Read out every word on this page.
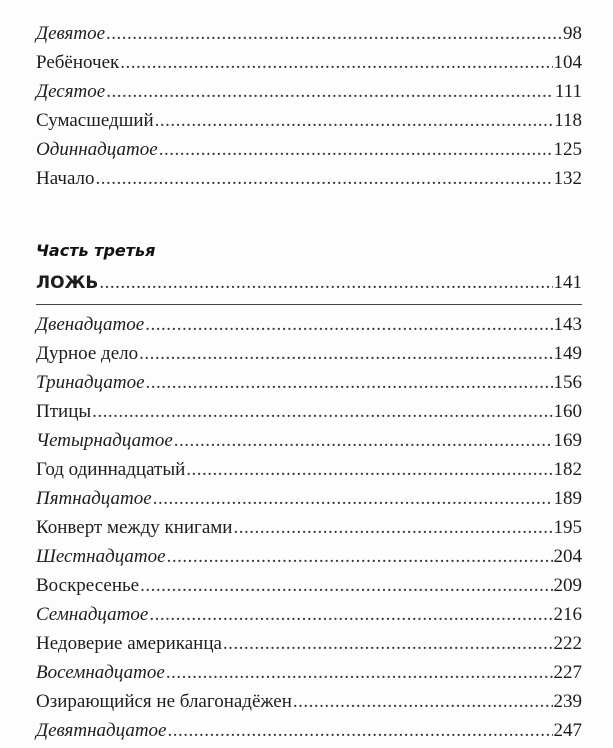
Девятое .....	98
Ребёночек .....	104
Десятое .....	111
Сумасшедший .....	118
Одиннадцатое .....	125
Начало .....	132
Часть третья
ЛОЖЬ .....	141
Двенадцатое .....	143
Дурное дело .....	149
Тринадцатое .....	156
Птицы .....	160
Четырнадцатое .....	169
Год одиннадцатый .....	182
Пятнадцатое .....	189
Конверт между книгами .....	195
Шестнадцатое .....	204
Воскресенье .....	209
Семнадцатое .....	216
Недоверие американца .....	222
Восемнадцатое .....	227
Озирающийся не благонадёжен .....	239
Девятнадцатое .....	247
